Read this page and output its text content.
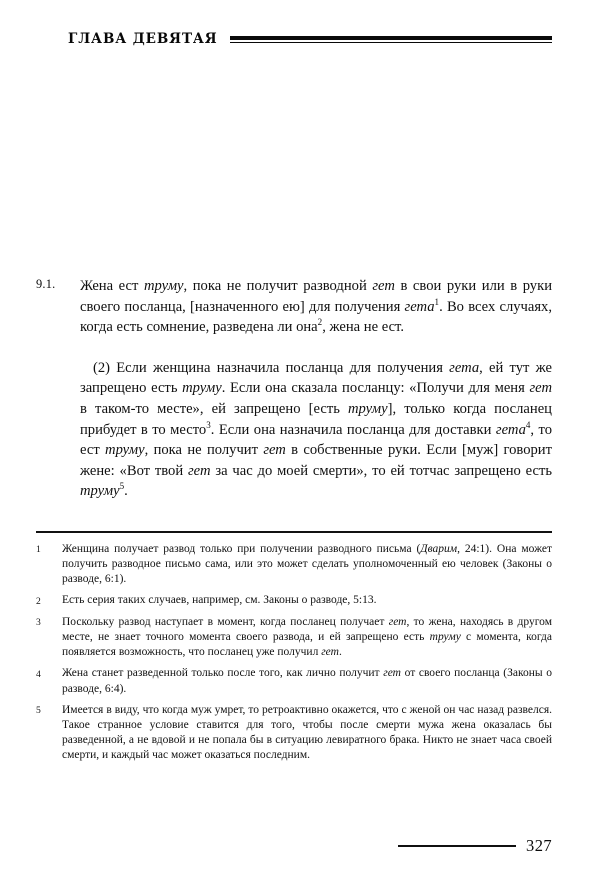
ГЛАВА ДЕВЯТАЯ
9.1.	Жена ест труму, пока не получит разводной гет в свои руки или в руки своего посланца, [назначенного ею] для получения гета$^1$. Во всех случаях, когда есть сомнение, разведена ли она$^2$, жена не ест.

(2) Если женщина назначила посланца для получения гета, ей тут же запрещено есть труму. Если она сказала посланцу: «Получи для меня гет в таком-то месте», ей запрещено [есть труму], только когда посланец прибудет в то место$^3$. Если она назначила посланца для доставки гета$^4$, то ест труму, пока не получит гет в собственные руки. Если [муж] говорит жене: «Вот твой гет за час до моей смерти», то ей тотчас запрещено есть труму$^5$.

1	Женщина получает развод только при получении разводного письма (Дварим, 24:1). Она может получить разводное письмо сама, или это может сделать уполномоченный ею человек (Законы о разводе, 6:1).
2	Есть серия таких случаев, например, см. Законы о разводе, 5:13.
3	Поскольку развод наступает в момент, когда посланец получает гет, то жена, находясь в другом месте, не знает точного момента своего развода, и ей запрещено есть труму с момента, когда появляется возможность, что посланец уже получил гет.
4	Жена станет разведенной только после того, как лично получит гет от своего посланца (Законы о разводе, 6:4).
5	Имеется в виду, что когда муж умрет, то ретроактивно окажется, что с женой он час назад развелся. Такое странное условие ставится для того, чтобы после смерти мужа жена оказалась бы разведенной, а не вдовой и не попала бы в ситуацию левиратного брака. Никто не знает часа своей смерти, и каждый час может оказаться последним.
327
